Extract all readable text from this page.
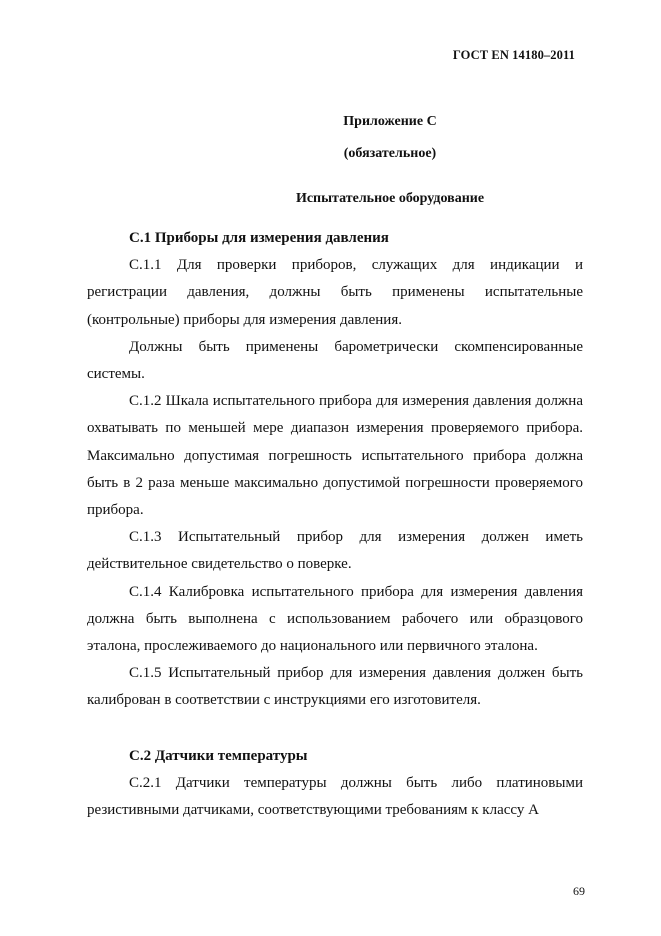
ГОСТ EN 14180–2011
Приложение С
(обязательное)
Испытательное оборудование
С.1 Приборы для измерения давления

С.1.1 Для проверки приборов, служащих для индикации и регистрации давления, должны быть применены испытательные (контрольные) приборы для измерения давления.

Должны быть применены барометрически скомпенсированные системы.

С.1.2 Шкала испытательного прибора для измерения давления должна охватывать по меньшей мере диапазон измерения проверяемого прибора. Максимально допустимая погрешность испытательного прибора должна быть в 2 раза меньше максимально допустимой погрешности проверяемого прибора.

С.1.3 Испытательный прибор для измерения должен иметь действительное свидетельство о поверке.

С.1.4 Калибровка испытательного прибора для измерения давления должна быть выполнена с использованием рабочего или образцового эталона, прослеживаемого до национального или первичного эталона.

С.1.5 Испытательный прибор для измерения давления должен быть калиброван в соответствии с инструкциями его изготовителя.

С.2 Датчики температуры

С.2.1 Датчики температуры должны быть либо платиновыми резистивными датчиками, соответствующими требованиям к классу А

69
